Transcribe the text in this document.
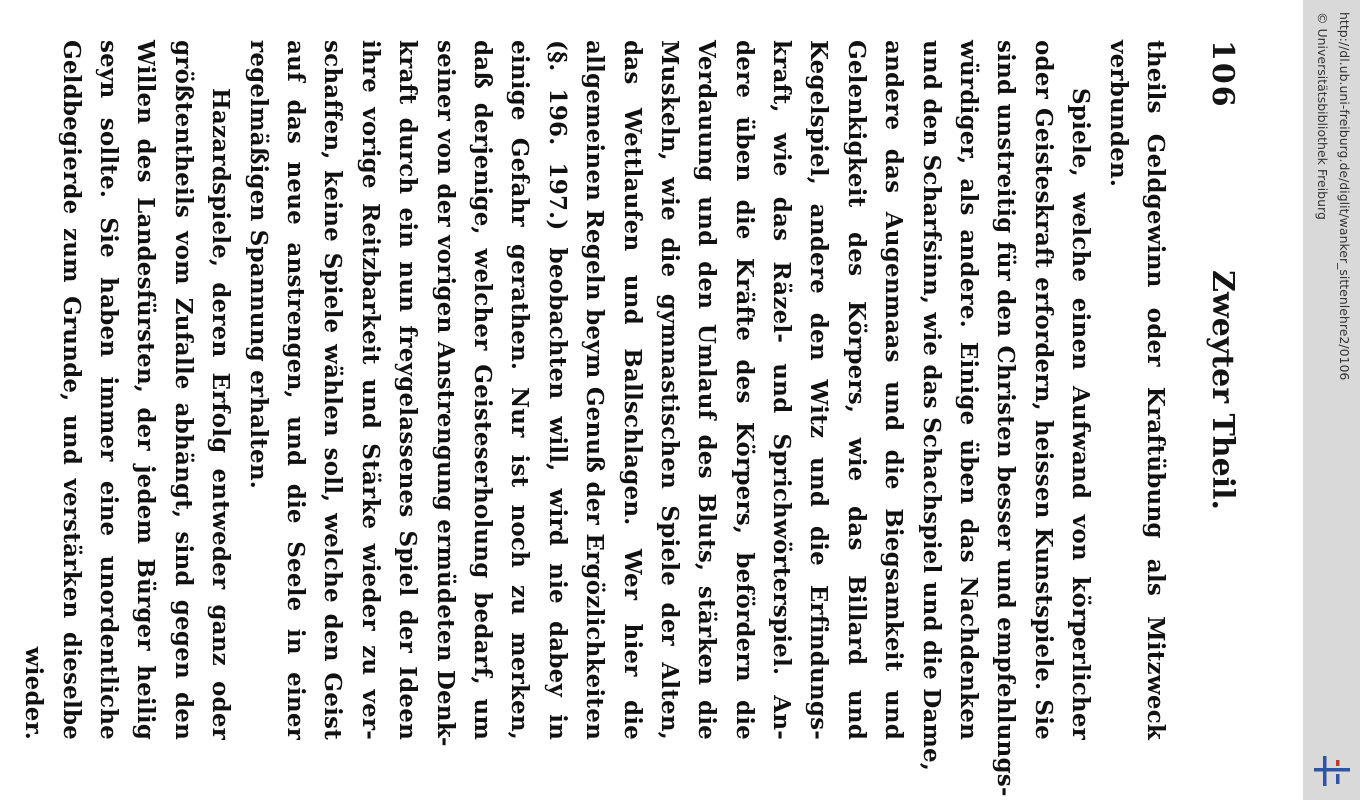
106
Zweyter Theil.
theils Geldgewinn oder Kraftübung als Mitzweck
verbunden.
Spiele, welche einen Aufwand von körperlicher
oder Geisteskraft erfordern, heissen Kunstspiele. Sie
sind unstreitig für den Christen besser und empfehlungs-
würdiger, als andere. Einige üben das Nachdenken
und den Scharfsinn, wie das Schachspiel und die Dame,
andere das Augenmaas und die Biegsamkeit und
Gelenkigkeit des Körpers, wie das Billard und
Kegelspiel, andere den Witz und die Erfindungs-
kraft, wie das Räzel- und Sprichwörterspiel. An-
dere üben die Kräfte des Körpers, befördern die
Verdauung und den Umlauf des Bluts, stärken die
Muskeln, wie die gymnastischen Spiele der Alten,
das Wettlaufen und Ballschlagen. Wer hier die
allgemeinen Regeln beym Genuß der Ergözlichkeiten
(§. 196. 197.) beobachten will, wird nie dabey in
einige Gefahr gerathen. Nur ist noch zu merken,
daß derjenige, welcher Geisteserholung bedarf, um
seiner von der vorigen Anstrengung ermüdeten Denk-
kraft durch ein nun freygelassenes Spiel der Ideen
ihre vorige Reitzbarkeit und Stärke wieder zu ver-
schaffen, keine Spiele wählen soll, welche den Geist
auf das neue anstrengen, und die Seele in einer
regelmäßigen Spannung erhalten.
Hazardspiele, deren Erfolg entweder ganz oder
größtentheils vom Zufalle abhängt, sind gegen den
Willen des Landesfürsten, der jedem Bürger heilig
seyn sollte. Sie haben immer eine unordentliche
Geldbegierde zum Grunde, und verstärken dieselbe
wieder.
http://dl.ub.uni-freiburg.de/diglit/wanker_sittenlehre2/0106
© Universitätsbibliothek Freiburg
